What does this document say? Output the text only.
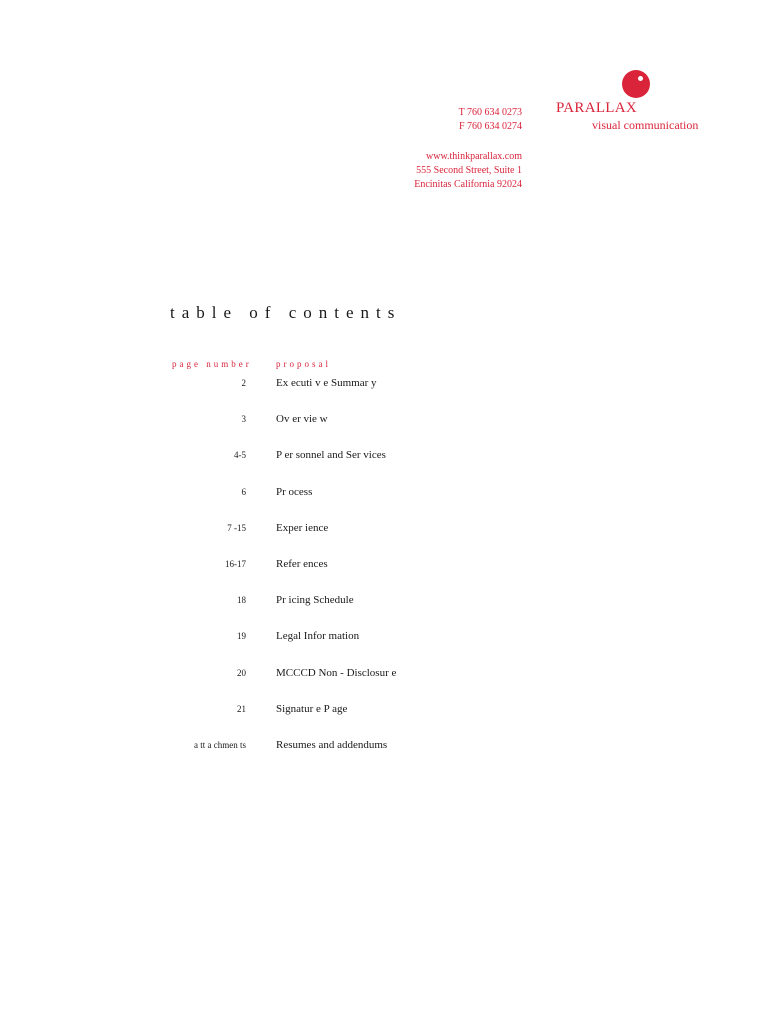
T 760 634 0273
F 760 634 0274
www.thinkparallax.com
555 Second Street, Suite 1
Encinitas California 92024
PARALLAX
visual communication
table of contents
page number	proposal
2	Ex ecuti v e Summar y
3	Ov er vie w
4-5	P er sonnel and Ser vices
6	Pr ocess
7 -15	Exper ience
16-17	Refer ences
18	Pr icing Schedule
19	Legal Infor mation
20	MCCCD Non - Disclosur e
21	Signatur e P age
a tt a chmen ts	Resumes and addendums
